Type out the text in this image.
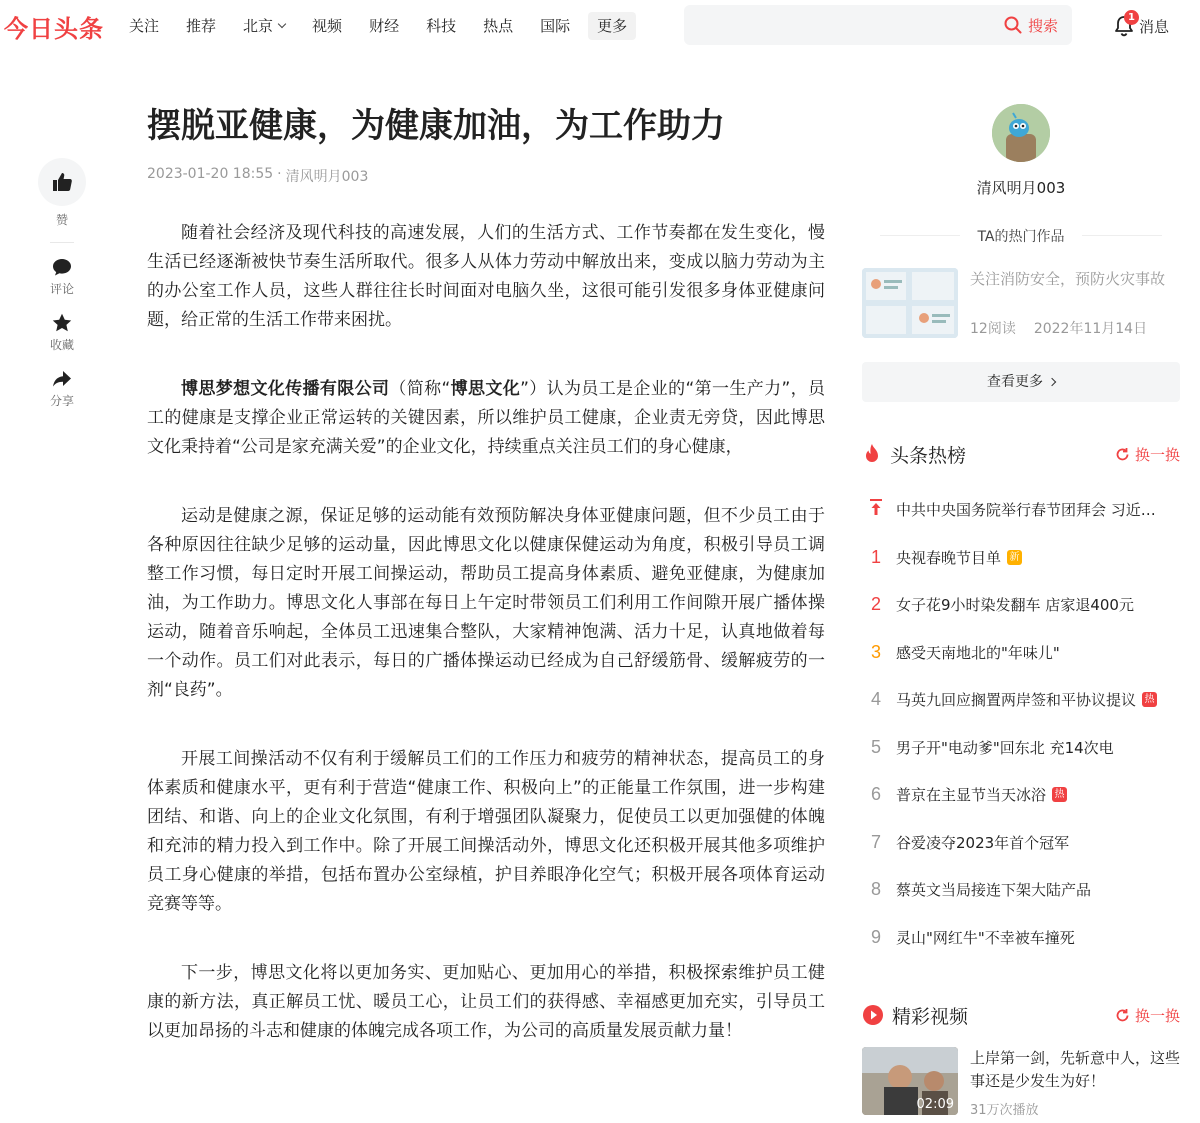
今日头条	关注	推荐	北京	视频	财经	科技	热点	国际	更多	搜索	1 消息
赞
评论
收藏
分享
摆脱亚健康，为健康加油，为工作助力
2023-01-20 18:55 · 清风明月003

随着社会经济及现代科技的高速发展，人们的生活方式、工作节奏都在发生变化，慢生活已经逐渐被快节奏生活所取代。很多人从体力劳动中解放出来，变成以脑力劳动为主的办公室工作人员，这些人群往往长时间面对电脑久坐，这很可能引发很多身体亚健康问题，给正常的生活工作带来困扰。

博思梦想文化传播有限公司（简称“博思文化”）认为员工是企业的“第一生产力”，员工的健康是支撑企业正常运转的关键因素，所以维护员工健康，企业责无旁贷，因此博思文化秉持着“公司是家充满关爱”的企业文化，持续重点关注员工们的身心健康，

运动是健康之源，保证足够的运动能有效预防解决身体亚健康问题，但不少员工由于各种原因往往缺少足够的运动量，因此博思文化以健康保健运动为角度，积极引导员工调整工作习惯，每日定时开展工间操运动，帮助员工提高身体素质、避免亚健康，为健康加油，为工作助力。博思文化人事部在每日上午定时带领员工们利用工作间隙开展广播体操运动，随着音乐响起，全体员工迅速集合整队，大家精神饱满、活力十足，认真地做着每一个动作。员工们对此表示，每日的广播体操运动已经成为自己舒缓筋骨、缓解疲劳的一剂“良药”。

开展工间操活动不仅有利于缓解员工们的工作压力和疲劳的精神状态，提高员工的身体素质和健康水平，更有利于营造“健康工作、积极向上”的正能量工作氛围，进一步构建团结、和谐、向上的企业文化氛围，有利于增强团队凝聚力，促使员工以更加强健的体魄和充沛的精力投入到工作中。除了开展工间操活动外，博思文化还积极开展其他多项维护员工身心健康的举措，包括布置办公室绿植，护目养眼净化空气；积极开展各项体育运动竞赛等等。

下一步，博思文化将以更加务实、更加贴心、更加用心的举措，积极探索维护员工健康的新方法，真正解员工忧、暖员工心，让员工们的获得感、幸福感更加充实，引导员工以更加昂扬的斗志和健康的体魄完成各项工作，为公司的高质量发展贡献力量！

清风明月003
TA的热门作品
关注消防安全，预防火灾事故
12阅读 2022年11月14日
查看更多
头条热榜	换一换
中共中央国务院举行春节团拜会 习近…
1	央视春晚节目单 新
2	女子花9小时染发翻车 店家退400元
3	感受天南地北的"年味儿"
4	马英九回应搁置两岸签和平协议提议 热
5	男子开"电动爹"回东北 充14次电
6	普京在主显节当天冰浴 热
7	谷爱凌夺2023年首个冠军
8	蔡英文当局接连下架大陆产品
9	灵山"网红牛"不幸被车撞死
精彩视频	换一换
02:09
上岸第一剑，先斩意中人，这些事还是少发生为好！
31万次播放
